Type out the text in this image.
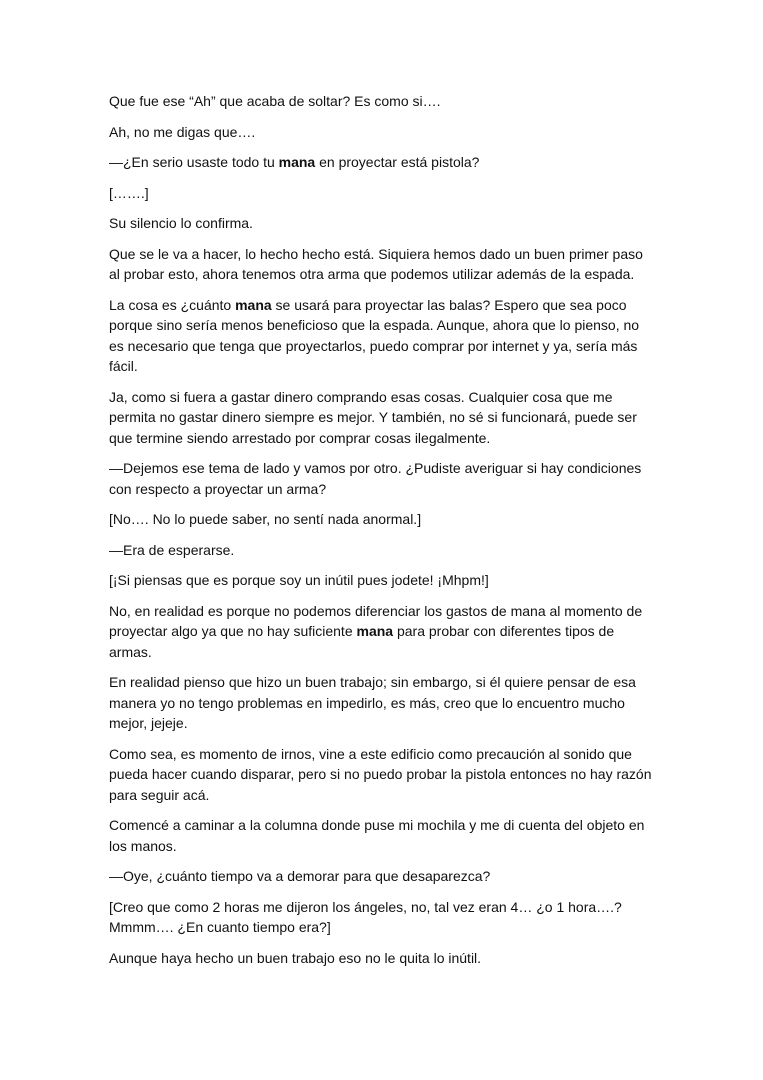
Que fue ese “Ah” que acaba de soltar? Es como si….

Ah, no me digas que….

—¿En serio usaste todo tu mana en proyectar está pistola?

[…….]

Su silencio lo confirma.

Que se le va a hacer, lo hecho hecho está. Siquiera hemos dado un buen primer paso al probar esto, ahora tenemos otra arma que podemos utilizar además de la espada.

La cosa es ¿cuánto mana se usará para proyectar las balas? Espero que sea poco porque sino sería menos beneficioso que la espada. Aunque, ahora que lo pienso, no es necesario que tenga que proyectarlos, puedo comprar por internet y ya, sería más fácil.

Ja, como si fuera a gastar dinero comprando esas cosas. Cualquier cosa que me permita no gastar dinero siempre es mejor. Y también, no sé si funcionará, puede ser que termine siendo arrestado por comprar cosas ilegalmente.

—Dejemos ese tema de lado y vamos por otro. ¿Pudiste averiguar si hay condiciones con respecto a proyectar un arma?

[No…. No lo puede saber, no sentí nada anormal.]

—Era de esperarse.

[¡Si piensas que es porque soy un inútil pues jodete! ¡Mhpm!]

No, en realidad es porque no podemos diferenciar los gastos de mana al momento de proyectar algo ya que no hay suficiente mana para probar con diferentes tipos de armas.

En realidad pienso que hizo un buen trabajo; sin embargo, si él quiere pensar de esa manera yo no tengo problemas en impedirlo, es más, creo que lo encuentro mucho mejor, jejeje.

Como sea, es momento de irnos, vine a este edificio como precaución al sonido que pueda hacer cuando disparar, pero si no puedo probar la pistola entonces no hay razón para seguir acá.

Comencé a caminar a la columna donde puse mi mochila y me di cuenta del objeto en los manos.

—Oye, ¿cuánto tiempo va a demorar para que desaparezca?

[Creo que como 2 horas me dijeron los ángeles, no, tal vez eran 4… ¿o 1 hora….? Mmmm…. ¿En cuanto tiempo era?]

Aunque haya hecho un buen trabajo eso no le quita lo inútil.
